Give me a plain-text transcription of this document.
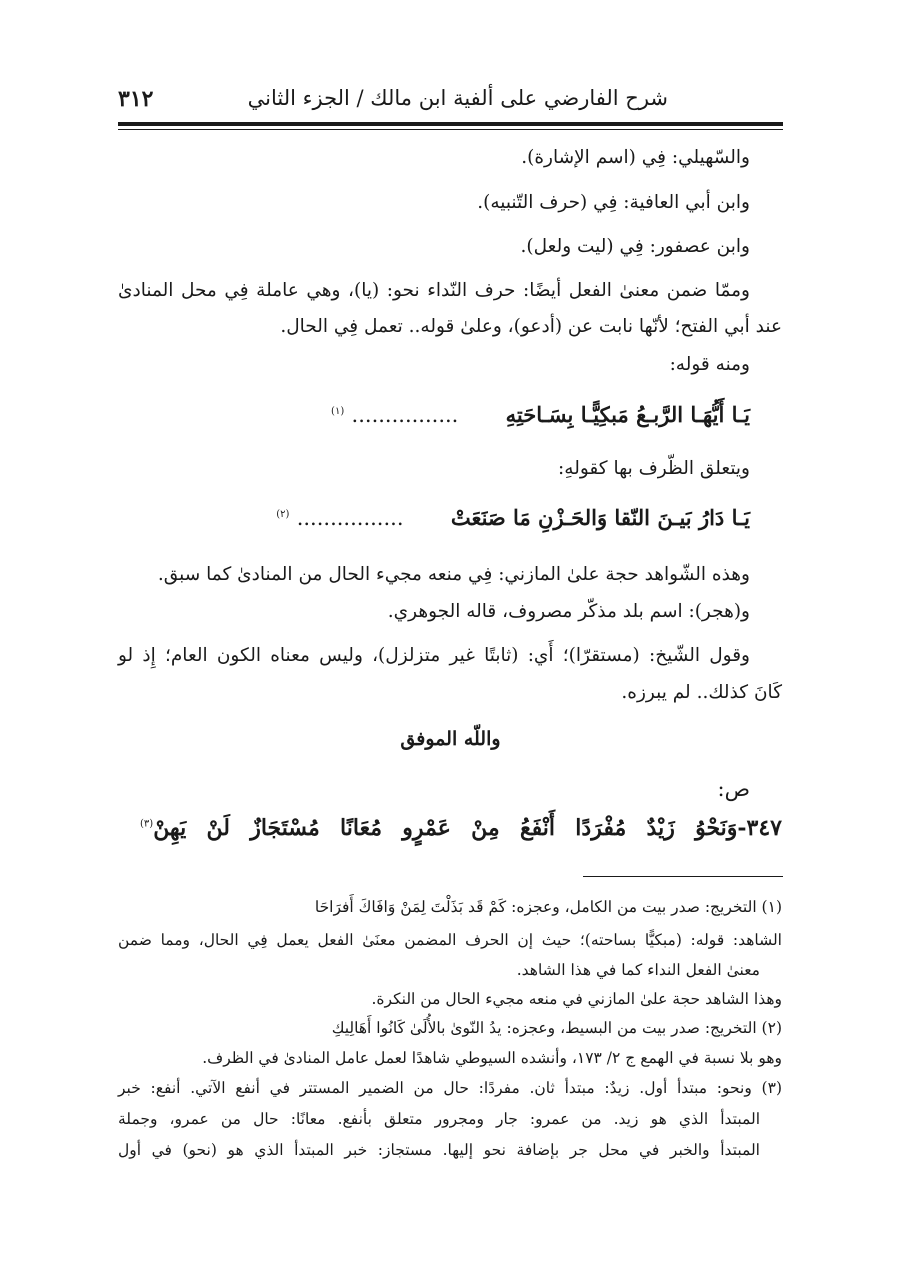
شرح الفارضي على ألفية ابن مالك / الجزء الثاني
٣١٢
والسّهيلي: فِي (اسم الإشارة).
وابن أبي العافية: فِي (حرف التّنبيه).
وابن عصفور: فِي (ليت ولعل).
وممّا ضمن معنىٰ الفعل أيضًا: حرف النّداء نحو: (يا)، وهي عاملة فِي محل المنادىٰ
عند أبي الفتح؛ لأنّها نابت عن (أدعو)، وعلىٰ قوله.. تعمل فِي الحال.
ومنه قوله:
يَـا أَيُّهَـا الرَّبـعُ مَبكِيًّـا بِسَـاحَتِهِ ................ $^{(١)}$
ويتعلق الظّرف بها كقولهِ:
يَـا دَارُ بَيـنَ النّقا وَالحَـزْنِ مَا صَنَعَتْ ................ $^{(٢)}$
وهذه الشّواهد حجة علىٰ المازني: فِي منعه مجيء الحال من المنادىٰ كما سبق.
و(هجر): اسم بلد مذكّر مصروف، قاله الجوهري.
وقول الشّيخ: (مستقرّا)؛ أَي: (ثابتًا غير متزلزل)، وليس معناه الكون العام؛ إِذ لو
كَانَ كذلك.. لم يبرزه.
واللّه الموفق
ص:
٣٤٧-وَنَحْوُ زَيْدٌ مُفْرَدًا أَنْفَعُ مِنْ عَمْرٍو مُعَانًا مُسْتَجَازٌ لَنْ يَهِنْ$^{(٣)}$
(١) التخريج: صدر بيت من الكامل، وعجزه: كَمْ قَد بَذَلْتَ لِمَنْ وَافَاكَ أَفرَاحَا
الشاهد: قوله: (مبكيًّا بساحته)؛ حيث إن الحرف المضمن معنَىٰ الفعل يعمل فِي الحال، ومما ضمن
معنىٰ الفعل النداء كما في هذا الشاهد.
وهذا الشاهد حجة علىٰ المازني في منعه مجيء الحال من النكرة.
(٢) التخريج: صدر بيت من البسيط، وعجزه: يدُ النّوىٰ بالأُلَىٰ كَانُوا أَهَالِيكِ
وهو بلا نسبة في الهمع ج ٢/ ١٧٣، وأنشده السيوطي شاهدًا لعمل عامل المنادىٰ في الظرف.
(٣) ونحو: مبتدأ أول. زيدٌ: مبتدأ ثان. مفردًا: حال من الضمير المستتر في أنفع الآتي. أنفع: خبر
المبتدأ الذي هو زيد. من عمرو: جار ومجرور متعلق بأنفع. معانًا: حال من عمرو، وجملة
المبتدأ والخبر في محل جر بإضافة نحو إليها. مستجاز: خبر المبتدأ الذي هو (نحو) في أول
